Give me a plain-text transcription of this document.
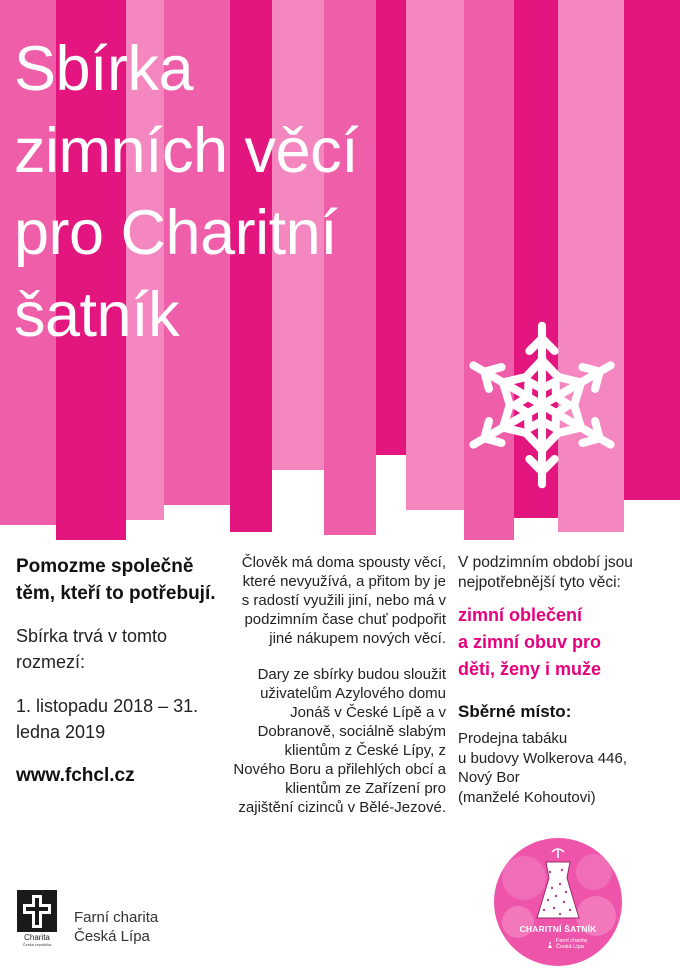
Sbírka
zimních věcí
pro Charitní
šatník

Pomozme společně těm, kteří to potřebují.

Sbírka trvá v tomto rozmezí:

1. listopadu 2018 – 31. ledna 2019

www.fchcl.cz

Člověk má doma spousty věcí, které nevyužívá, a přitom by je s radostí využili jiní, nebo má v podzimním čase chuť podpořit jiné nákupem nových věcí.

Dary ze sbírky budou sloužit uživatelům Azylového domu Jonáš v České Lípě a v Dobranově, sociálně slabým klientům z České Lípy, z Nového Boru a přilehlých obcí a klientům ze Zařízení pro zajištění cizinců v Bělé-Jezové.

V podzimním období jsou nejpotřebnější tyto věci:

zimní oblečení
a zimní obuv pro
děti, ženy i muže

Sběrné místo:

Prodejna tabáku
u budovy Wolkerova 446,
Nový Bor
(manželé Kohoutovi)

Charita
Česká republika
Farní charita
Česká Lípa	CHARITNÍ ŠATNÍK
Farní charita
Česká Lípa
